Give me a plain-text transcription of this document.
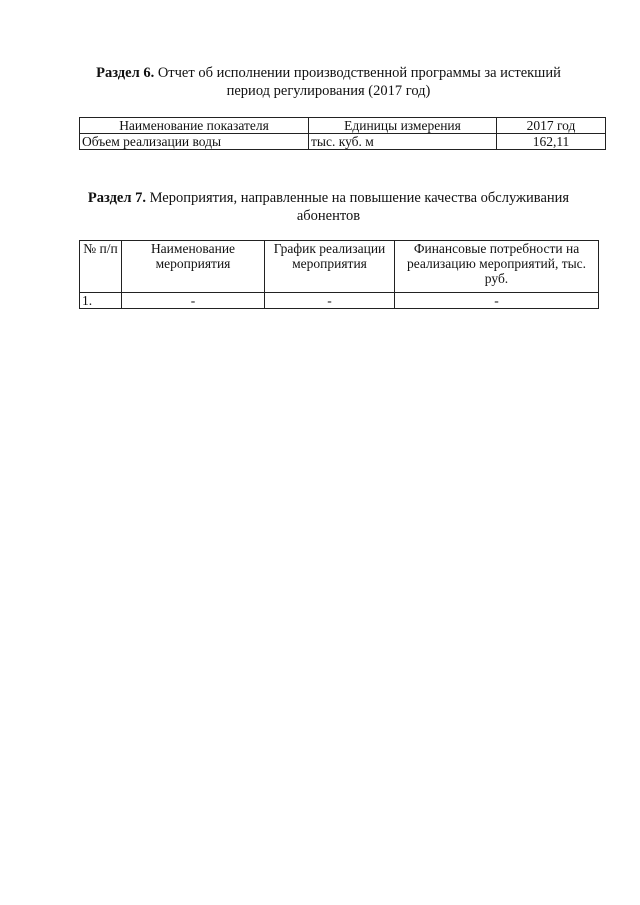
Раздел 6. Отчет об исполнении производственной программы за истекший период регулирования (2017 год)
Наименование показателя	Единицы измерения	2017 год
Объем реализации воды	тыс. куб. м	162,11
Раздел 7. Мероприятия, направленные на повышение качества обслуживания абонентов
№ п/п	Наименование мероприятия	График реализации мероприятия	Финансовые потребности на реализацию мероприятий, тыс. руб.
1.	-	-	-
